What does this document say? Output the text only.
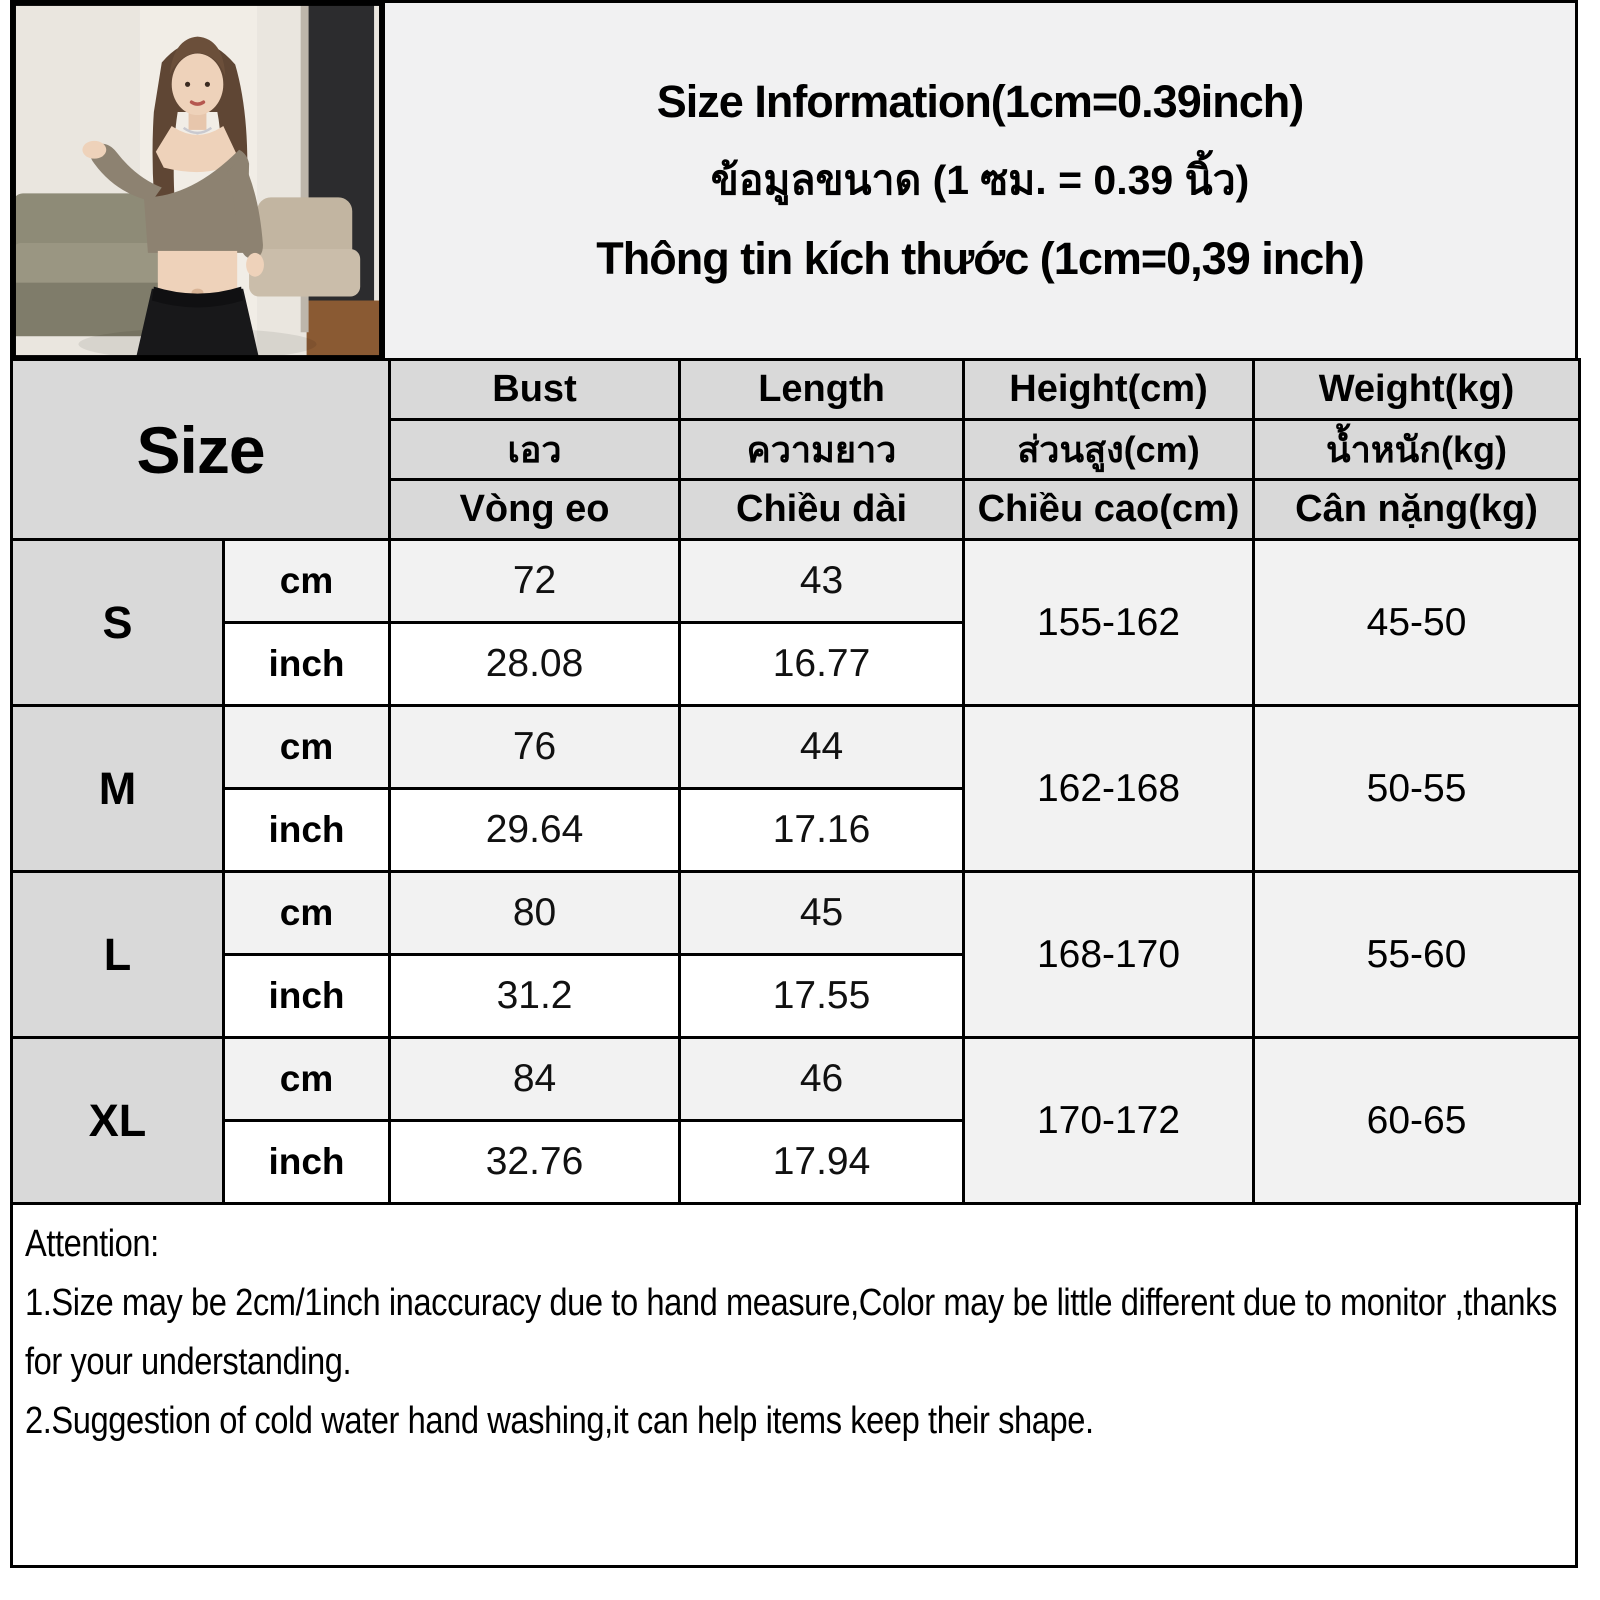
Size Information(1cm=0.39inch)
ข้อมูลขนาด (1 ซม. = 0.39 นิ้ว)
Thông tin kích thước (1cm=0,39 inch)
Size		Bust	Length	Height(cm)	Weight(kg)
		เอว	ความยาว	ส่วนสูง(cm)	น้ำหนัก(kg)
		Vòng eo	Chiều dài	Chiều cao(cm)	Cân nặng(kg)
S	cm	72	43	155-162	45-50
	inch	28.08	16.77		
M	cm	76	44	162-168	50-55
	inch	29.64	17.16		
L	cm	80	45	168-170	55-60
	inch	31.2	17.55		
XL	cm	84	46	170-172	60-65
	inch	32.76	17.94		
Attention:
1.Size may be 2cm/1inch inaccuracy due to hand measure,Color may be little different due to monitor ,thanks for your understanding.
2.Suggestion of cold water hand washing,it can help items keep their shape.
